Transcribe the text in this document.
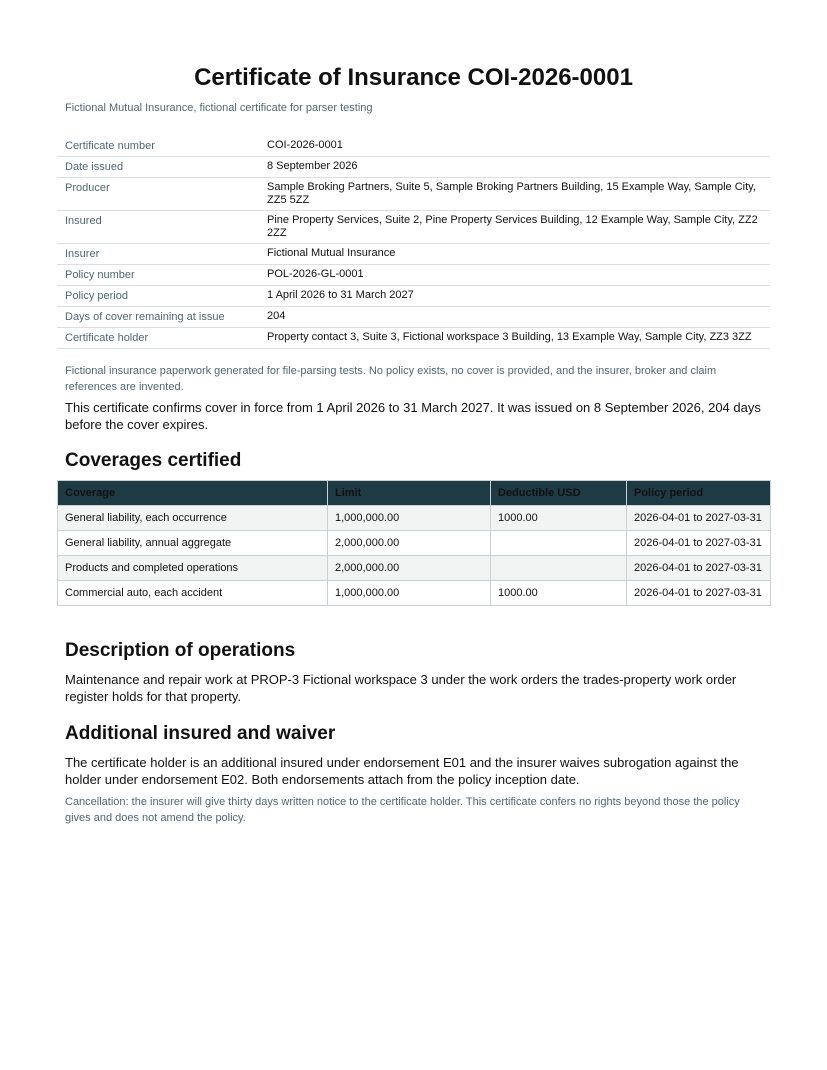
Certificate of Insurance COI-2026-0001
Fictional Mutual Insurance, fictional certificate for parser testing
Certificate number	COI-2026-0001
Date issued	8 September 2026
Producer	Sample Broking Partners, Suite 5, Sample Broking Partners Building, 15 Example Way, Sample City, ZZ5 5ZZ
Insured	Pine Property Services, Suite 2, Pine Property Services Building, 12 Example Way, Sample City, ZZ2 2ZZ
Insurer	Fictional Mutual Insurance
Policy number	POL-2026-GL-0001
Policy period	1 April 2026 to 31 March 2027
Days of cover remaining at issue	204
Certificate holder	Property contact 3, Suite 3, Fictional workspace 3 Building, 13 Example Way, Sample City, ZZ3 3ZZ
Fictional insurance paperwork generated for file-parsing tests. No policy exists, no cover is provided, and the insurer, broker and claim references are invented.
This certificate confirms cover in force from 1 April 2026 to 31 March 2027. It was issued on 8 September 2026, 204 days before the cover expires.
Coverages certified
Coverage	Limit	Deductible USD	Policy period
General liability, each occurrence	1,000,000.00	1000.00	2026-04-01 to 2027-03-31
General liability, annual aggregate	2,000,000.00		2026-04-01 to 2027-03-31
Products and completed operations	2,000,000.00		2026-04-01 to 2027-03-31
Commercial auto, each accident	1,000,000.00	1000.00	2026-04-01 to 2027-03-31
Description of operations
Maintenance and repair work at PROP-3 Fictional workspace 3 under the work orders the trades-property work order register holds for that property.
Additional insured and waiver
The certificate holder is an additional insured under endorsement E01 and the insurer waives subrogation against the holder under endorsement E02. Both endorsements attach from the policy inception date.
Cancellation: the insurer will give thirty days written notice to the certificate holder. This certificate confers no rights beyond those the policy gives and does not amend the policy.
